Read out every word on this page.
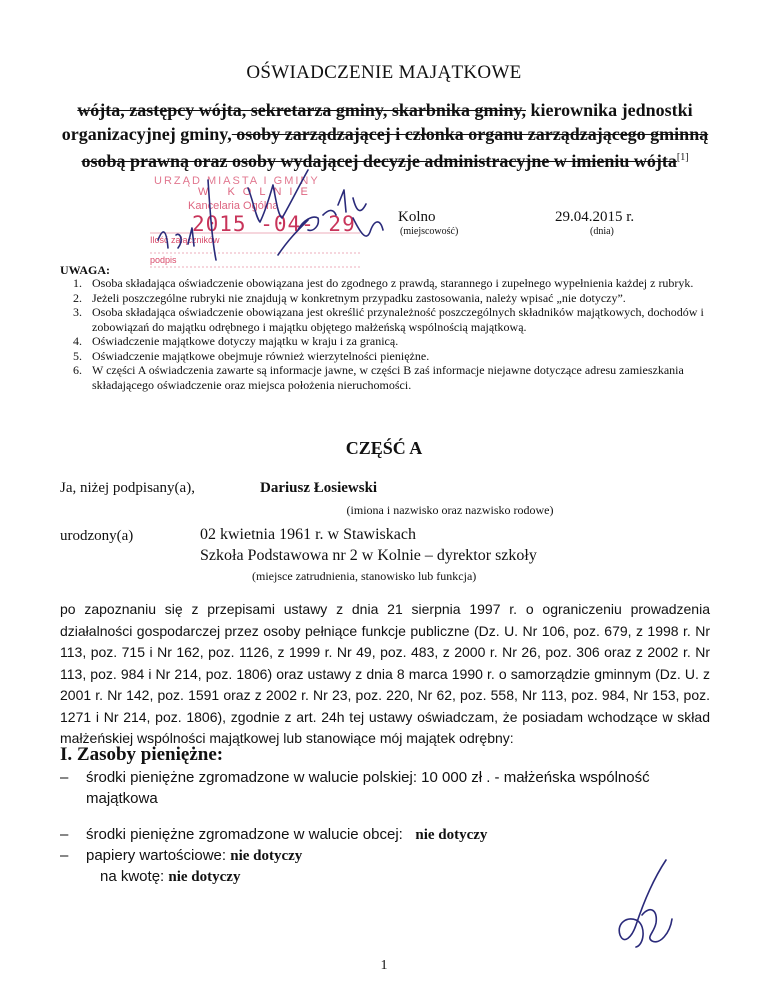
OŚWIADCZENIE MAJĄTKOWE
wójta, zastępcy wójta, sekretarza gminy, skarbnika gminy, kierownika jednostki organizacyjnej gminy, osoby zarządzającej i członka organu zarządzającego gminną osobą prawną oraz osoby wydającej decyzje administracyjne w imieniu wójta[1]
URZĄD MIASTA I GMINY
W KOLNIE
Kancelaria Ogólna
2015 -04- 29
Ilość załączników
podpis
Kolno
(miejscowość)
29.04.2015 r.
(dnia)
UWAGA:
1. Osoba składająca oświadczenie obowiązana jest do zgodnego z prawdą, starannego i zupełnego wypełnienia każdej z rubryk.
2. Jeżeli poszczególne rubryki nie znajdują w konkretnym przypadku zastosowania, należy wpisać „nie dotyczy”.
3. Osoba składająca oświadczenie obowiązana jest określić przynależność poszczególnych składników majątkowych, dochodów i zobowiązań do majątku odrębnego i majątku objętego małżeńską wspólnością majątkową.
4. Oświadczenie majątkowe dotyczy majątku w kraju i za granicą.
5. Oświadczenie majątkowe obejmuje również wierzytelności pieniężne.
6. W części A oświadczenia zawarte są informacje jawne, w części B zaś informacje niejawne dotyczące adresu zamieszkania składającego oświadczenie oraz miejsca położenia nieruchomości.
CZĘŚĆ A
Ja, niżej podpisany(a),	Dariusz Łosiewski
(imiona i nazwisko oraz nazwisko rodowe)
urodzony(a)	02 kwietnia 1961 r. w Stawiskach
Szkoła Podstawowa nr 2 w Kolnie – dyrektor szkoły
(miejsce zatrudnienia, stanowisko lub funkcja)
po zapoznaniu się z przepisami ustawy z dnia 21 sierpnia 1997 r. o ograniczeniu prowadzenia działalności gospodarczej przez osoby pełniące funkcje publiczne (Dz. U. Nr 106, poz. 679, z 1998 r. Nr 113, poz. 715 i Nr 162, poz. 1126, z 1999 r. Nr 49, poz. 483, z 2000 r. Nr 26, poz. 306 oraz z 2002 r. Nr 113, poz. 984 i Nr 214, poz. 1806) oraz ustawy z dnia 8 marca 1990 r. o samorządzie gminnym (Dz. U. z 2001 r. Nr 142, poz. 1591 oraz z 2002 r. Nr 23, poz. 220, Nr 62, poz. 558, Nr 113, poz. 984, Nr 153, poz. 1271 i Nr 214, poz. 1806), zgodnie z art. 24h tej ustawy oświadczam, że posiadam wchodzące w skład małżeńskiej wspólności majątkowej lub stanowiące mój majątek odrębny:
I. Zasoby pieniężne:
– środki pieniężne zgromadzone w walucie polskiej: 10 000 zł . - małżeńska wspólność majątkowa
– środki pieniężne zgromadzone w walucie obcej: nie dotyczy
– papiery wartościowe: nie dotyczy
na kwotę: nie dotyczy
1
